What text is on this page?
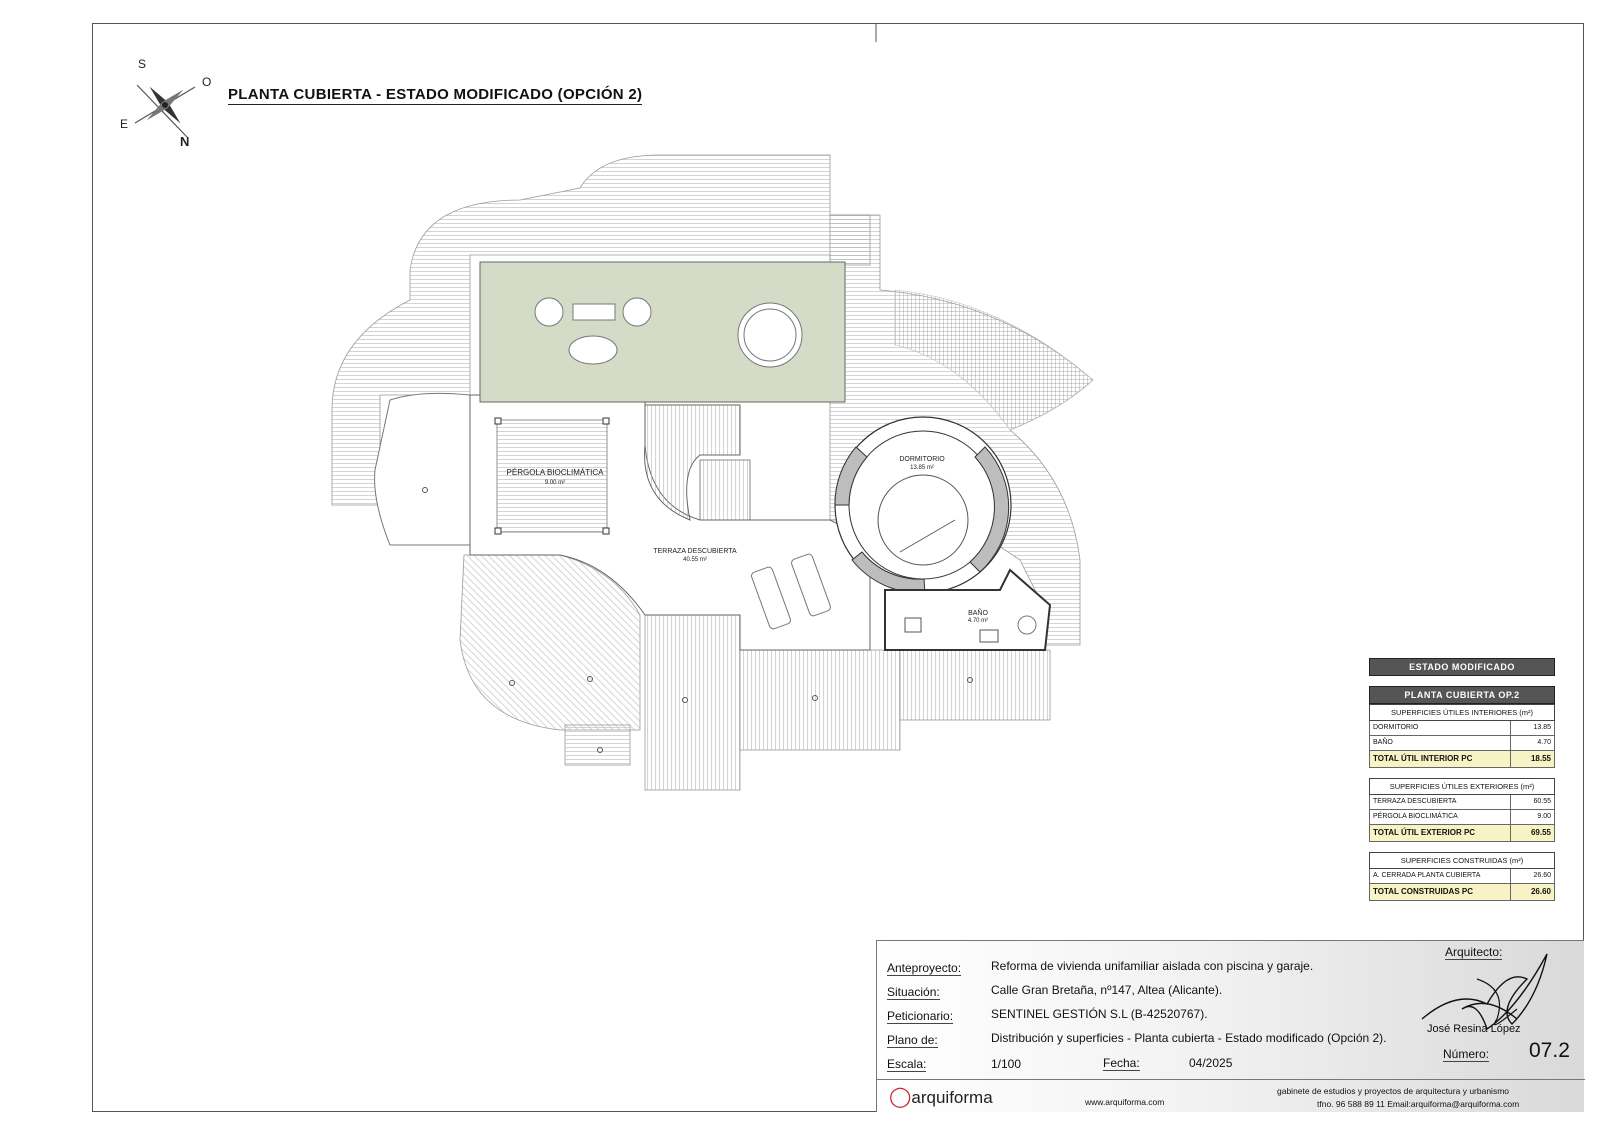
PLANTA CUBIERTA - ESTADO MODIFICADO (OPCIÓN 2)
S
O
E
N
PÉRGOLA BIOCLIMÁTICA
9.00 m²
TERRAZA DESCUBIERTA
40.55 m²
DORMITORIO
13.85 m²
BAÑO
4.70 m²
ESTADO MODIFICADO
PLANTA CUBIERTA OP.2
SUPERFICIES ÚTILES INTERIORES (m²)
DORMITORIO	13.85
BAÑO	4.70
TOTAL ÚTIL INTERIOR PC	18.55
SUPERFICIES ÚTILES EXTERIORES (m²)
TERRAZA DESCUBIERTA	60.55
PÉRGOLA BIOCLIMÁTICA	9.00
TOTAL ÚTIL EXTERIOR PC	69.55
SUPERFICIES CONSTRUIDAS (m²)
A. CERRADA PLANTA CUBIERTA	26.60
TOTAL CONSTRUIDAS PC	26.60
Anteproyecto: Reforma de vivienda unifamiliar aislada con piscina y garaje.
Situación:	Calle Gran Bretaña, nº147, Altea (Alicante).
Peticionario:	SENTINEL GESTIÓN S.L (B-42520767).
Plano de:	Distribución y superficies - Planta cubierta - Estado modificado (Opción 2).
Escala:	1/100	Fecha:	04/2025
Arquitecto:
José Resina López
Número: 07.2
◯arquiforma	www.arquiforma.com
gabinete de estudios y proyectos de arquitectura y urbanismo
tfno. 96 588 89 11 Email:arquiforma@arquiforma.com
